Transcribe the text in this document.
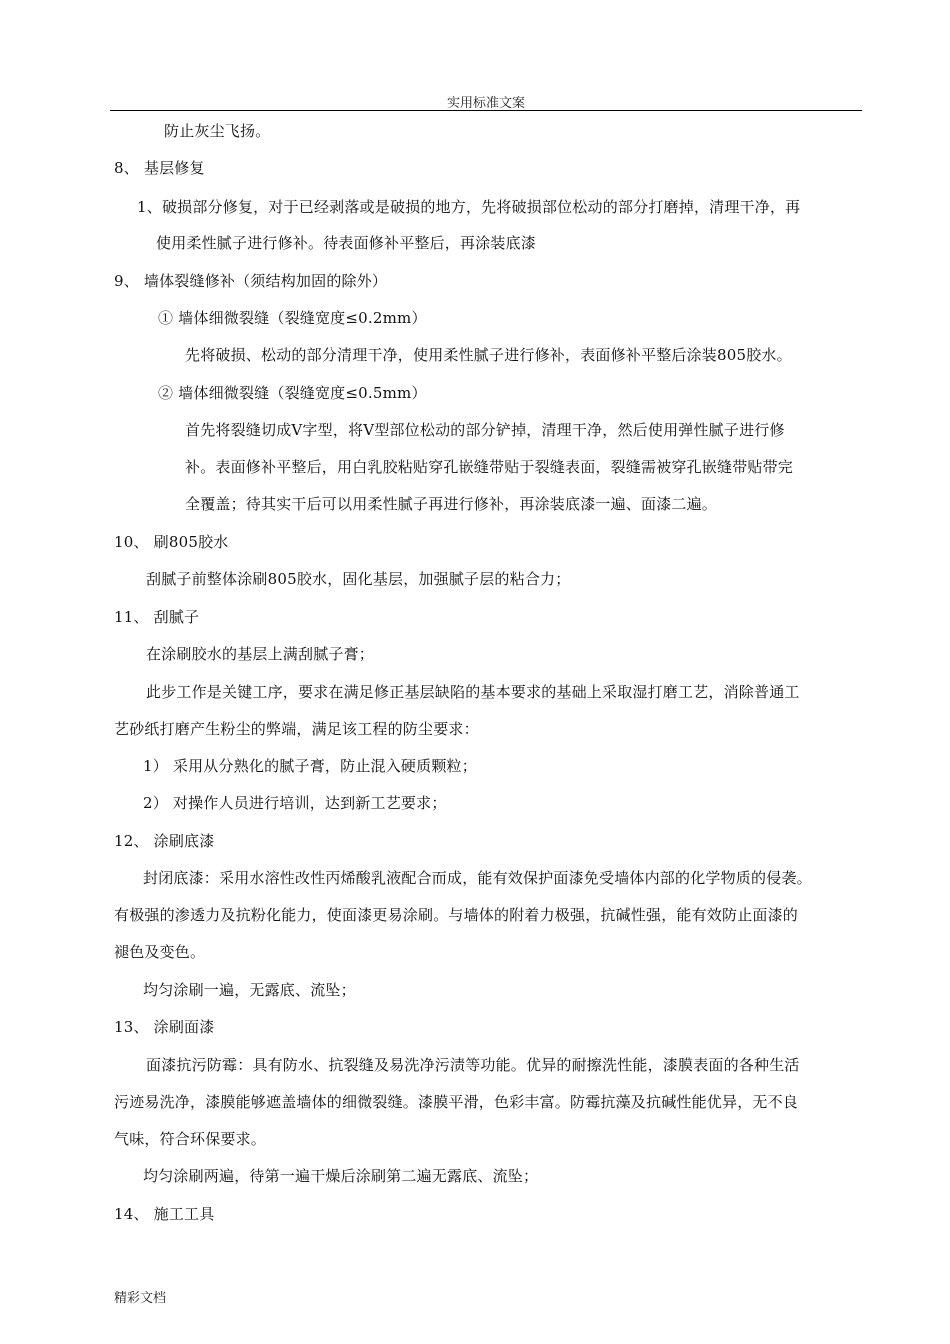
实用标准文案
防止灰尘飞扬。
8、 基层修复
1、破损部分修复，对于已经剥落或是破损的地方，先将破损部位松动的部分打磨掉，清理干净，再
使用柔性腻子进行修补。待表面修补平整后，再涂装底漆
9、 墙体裂缝修补（须结构加固的除外）
① 墙体细微裂缝（裂缝宽度≤0.2mm）
先将破损、松动的部分清理干净，使用柔性腻子进行修补，表面修补平整后涂装805胶水。
② 墙体细微裂缝（裂缝宽度≤0.5mm）
首先将裂缝切成V字型，将V型部位松动的部分铲掉，清理干净，然后使用弹性腻子进行修
补。表面修补平整后，用白乳胶粘贴穿孔嵌缝带贴于裂缝表面，裂缝需被穿孔嵌缝带贴带完
全覆盖；待其实干后可以用柔性腻子再进行修补，再涂装底漆一遍、面漆二遍。
10、 刷805胶水
刮腻子前整体涂刷805胶水，固化基层，加强腻子层的粘合力；
11、 刮腻子
在涂刷胶水的基层上满刮腻子膏；
此步工作是关键工序，要求在满足修正基层缺陷的基本要求的基础上采取湿打磨工艺，消除普通工
艺砂纸打磨产生粉尘的弊端，满足该工程的防尘要求：
1） 采用从分熟化的腻子膏，防止混入硬质颗粒；
2） 对操作人员进行培训，达到新工艺要求；
12、 涂刷底漆
封闭底漆：采用水溶性改性丙烯酸乳液配合而成，能有效保护面漆免受墙体内部的化学物质的侵袭。
有极强的渗透力及抗粉化能力，使面漆更易涂刷。与墙体的附着力极强，抗碱性强，能有效防止面漆的
褪色及变色。
均匀涂刷一遍，无露底、流坠；
13、 涂刷面漆
面漆抗污防霉：具有防水、抗裂缝及易洗净污渍等功能。优异的耐擦洗性能，漆膜表面的各种生活
污迹易洗净，漆膜能够遮盖墙体的细微裂缝。漆膜平滑，色彩丰富。防霉抗藻及抗碱性能优异，无不良
气味，符合环保要求。
均匀涂刷两遍，待第一遍干燥后涂刷第二遍无露底、流坠；
14、 施工工具
精彩文档
